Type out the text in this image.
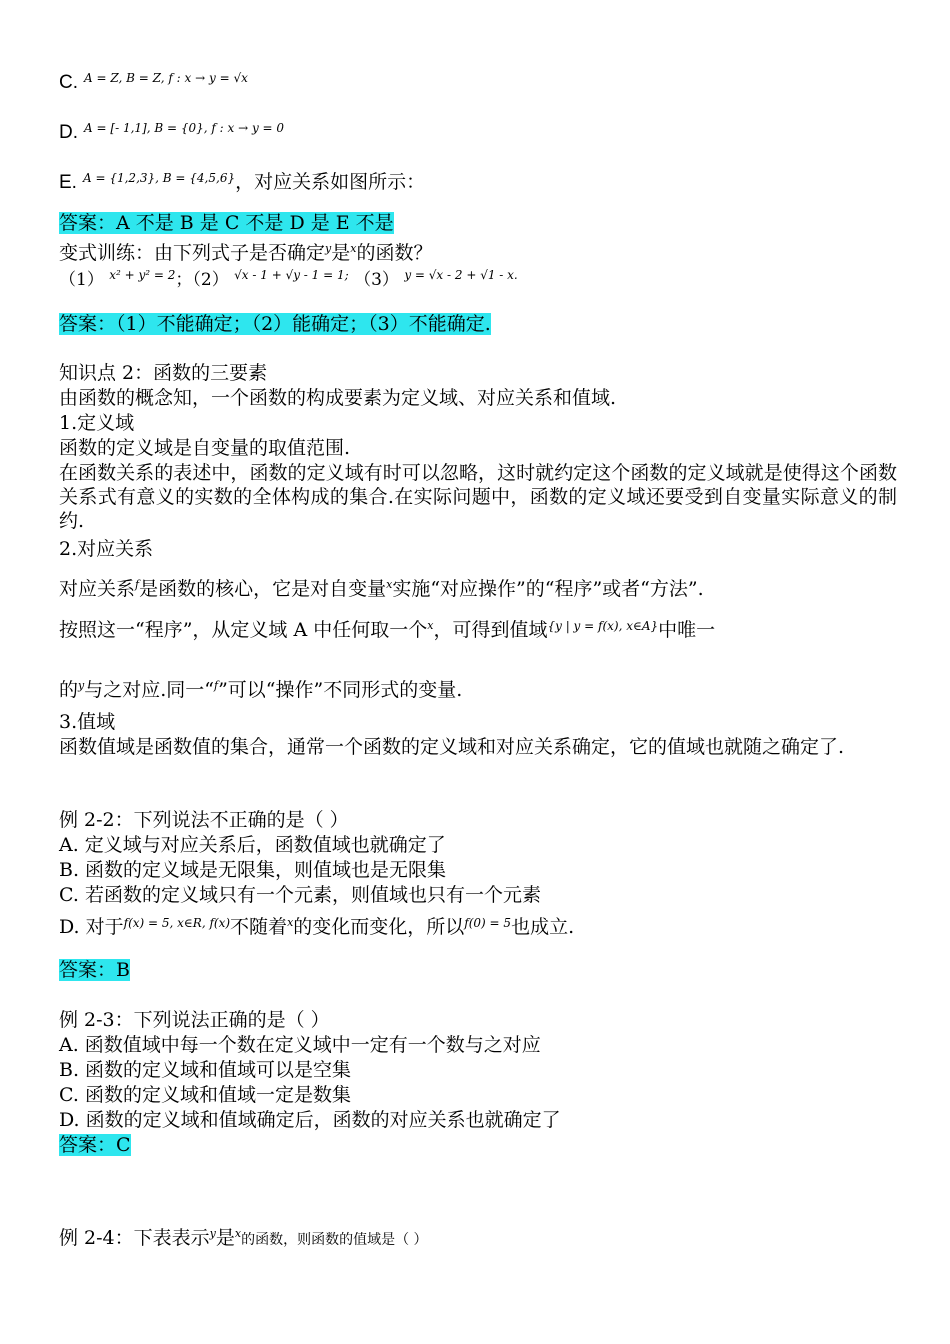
C. $^{A = Z, B = Z, f : x \to y = √x}$
D. $^{A = [- 1,1], B = \{0\}, f : x \to y = 0}$
E. $^{A = \{1,2,3\}, B = \{4,5,6\}}$，对应关系如图所示：
答案：A 不是 B 是 C 不是 D 是 E 不是
变式训练：由下列式子是否确定$^y$是$^x$的函数？
（1） $^{x^2 + y^2 = 2}$；（2） $^{√x - 1 + √y - 1 = 1;}$ （3） $^{y = √x - 2 + √1 - x.}$
答案：（1）不能确定；（2）能确定；（3）不能确定.
知识点 2：函数的三要素
由函数的概念知，一个函数的构成要素为定义域、对应关系和值域.
1.定义域
函数的定义域是自变量的取值范围.
在函数关系的表述中，函数的定义域有时可以忽略，这时就约定这个函数的定义域就是使得这个函数关系式有意义的实数的全体构成的集合.在实际问题中，函数的定义域还要受到自变量实际意义的制约.
2.对应关系
对应关系$^f$是函数的核心，它是对自变量$^x$实施“对应操作”的“程序”或者“方法”.
按照这一“程序”，从定义域 A 中任何取一个$^x$，可得到值域$^{\{y | y = f(x), x\in A\}}$中唯一
的$^y$与之对应.同一“$^f$”可以“操作”不同形式的变量.
3.值域
函数值域是函数值的集合，通常一个函数的定义域和对应关系确定，它的值域也就随之确定了.
例 2-2：下列说法不正确的是（ ）
A. 定义域与对应关系后，函数值域也就确定了
B. 函数的定义域是无限集，则值域也是无限集
C. 若函数的定义域只有一个元素，则值域也只有一个元素
D. 对于$^{f(x) = 5, x\in R, f(x)}$不随着$^x$的变化而变化，所以$^{f(0) = 5}$也成立.
答案：B
例 2-3：下列说法正确的是（ ）
A. 函数值域中每一个数在定义域中一定有一个数与之对应
B. 函数的定义域和值域可以是空集
C. 函数的定义域和值域一定是数集
D. 函数的定义域和值域确定后，函数的对应关系也就确定了
答案：C
例 2-4：下表表示$^y$是$^x$的函数，则函数的值域是（ ）
